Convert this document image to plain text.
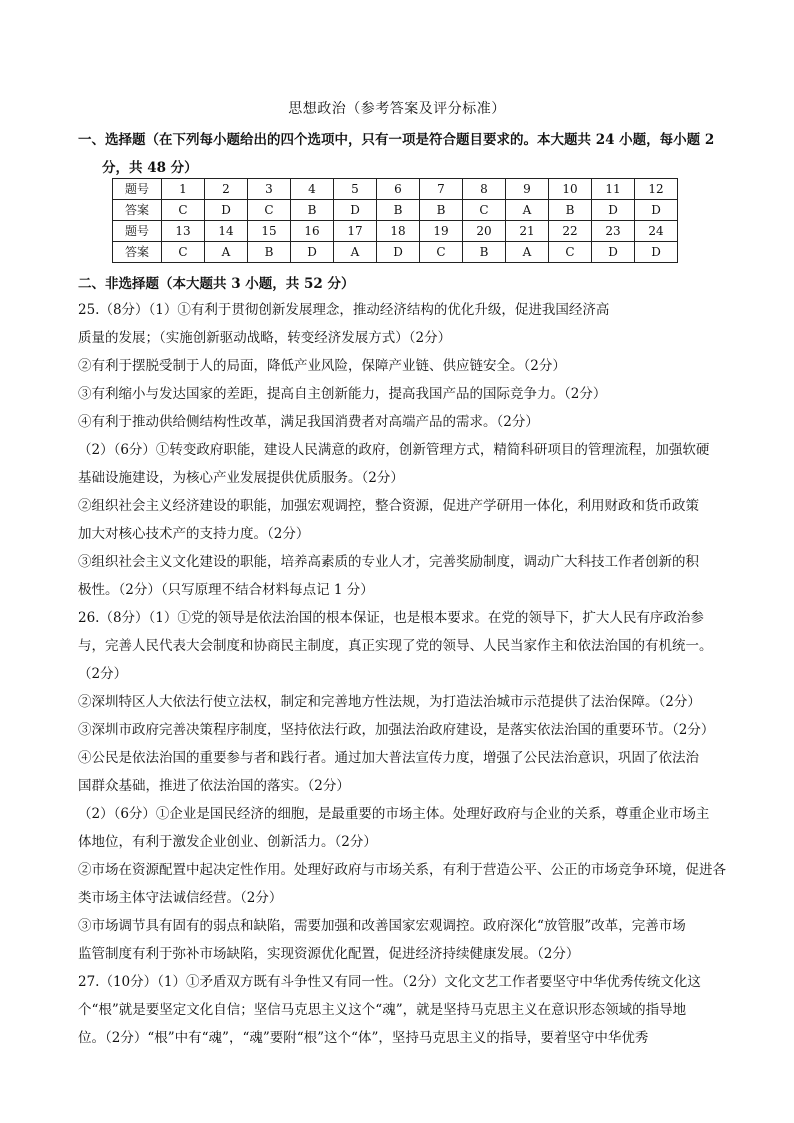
思想政治（参考答案及评分标准）
一、选择题（在下列每小题给出的四个选项中，只有一项是符合题目要求的。本大题共 24 小题，每小题 2
分，共 48 分）
题号	1	2	3	4	5	6	7	8	9	10	11	12
答案	C	D	C	B	D	B	B	C	A	B	D	D
题号	13	14	15	16	17	18	19	20	21	22	23	24
答案	C	A	B	D	A	D	C	B	A	C	D	D
二、非选择题（本大题共 3 小题，共 52 分）
25.（8分）（1）①有利于贯彻创新发展理念，推动经济结构的优化升级，促进我国经济高
质量的发展；（实施创新驱动战略，转变经济发展方式）（2分）
②有利于摆脱受制于人的局面，降低产业风险，保障产业链、供应链安全。（2分）
③有利缩小与发达国家的差距，提高自主创新能力，提高我国产品的国际竞争力。（2分）
④有利于推动供给侧结构性改革，满足我国消费者对高端产品的需求。（2分）
（2）（6分）①转变政府职能，建设人民满意的政府，创新管理方式，精简科研项目的管理流程，加强软硬
基础设施建设，为核心产业发展提供优质服务。（2分）
②组织社会主义经济建设的职能，加强宏观调控，整合资源，促进产学研用一体化，利用财政和货币政策
加大对核心技术产的支持力度。（2分）
③组织社会主义文化建设的职能，培养高素质的专业人才，完善奖励制度，调动广大科技工作者创新的积
极性。（2分）（只写原理不结合材料每点记 1 分）
26.（8分）（1）①党的领导是依法治国的根本保证，也是根本要求。在党的领导下，扩大人民有序政治参
与，完善人民代表大会制度和协商民主制度，真正实现了党的领导、人民当家作主和依法治国的有机统一。
（2分）
②深圳特区人大依法行使立法权，制定和完善地方性法规，为打造法治城市示范提供了法治保障。（2分）
③深圳市政府完善决策程序制度，坚持依法行政，加强法治政府建设，是落实依法治国的重要环节。（2分）
④公民是依法治国的重要参与者和践行者。通过加大普法宣传力度，增强了公民法治意识，巩固了依法治
国群众基础，推进了依法治国的落实。（2分）
（2）（6分）①企业是国民经济的细胞，是最重要的市场主体。处理好政府与企业的关系，尊重企业市场主
体地位，有利于激发企业创业、创新活力。（2分）
②市场在资源配置中起决定性作用。处理好政府与市场关系，有利于营造公平、公正的市场竞争环境，促进各
类市场主体守法诚信经营。（2分）
③市场调节具有固有的弱点和缺陷，需要加强和改善国家宏观调控。政府深化“放管服”改革，完善市场
监管制度有利于弥补市场缺陷，实现资源优化配置，促进经济持续健康发展。（2分）
27.（10分）（1）①矛盾双方既有斗争性又有同一性。（2分）文化文艺工作者要坚守中华优秀传统文化这
个“根”就是要坚定文化自信；坚信马克思主义这个“魂”，就是坚持马克思主义在意识形态领域的指导地
位。（2分）“根”中有“魂”，“魂”要附“根”这个“体”，坚持马克思主义的指导，要着坚守中华优秀
